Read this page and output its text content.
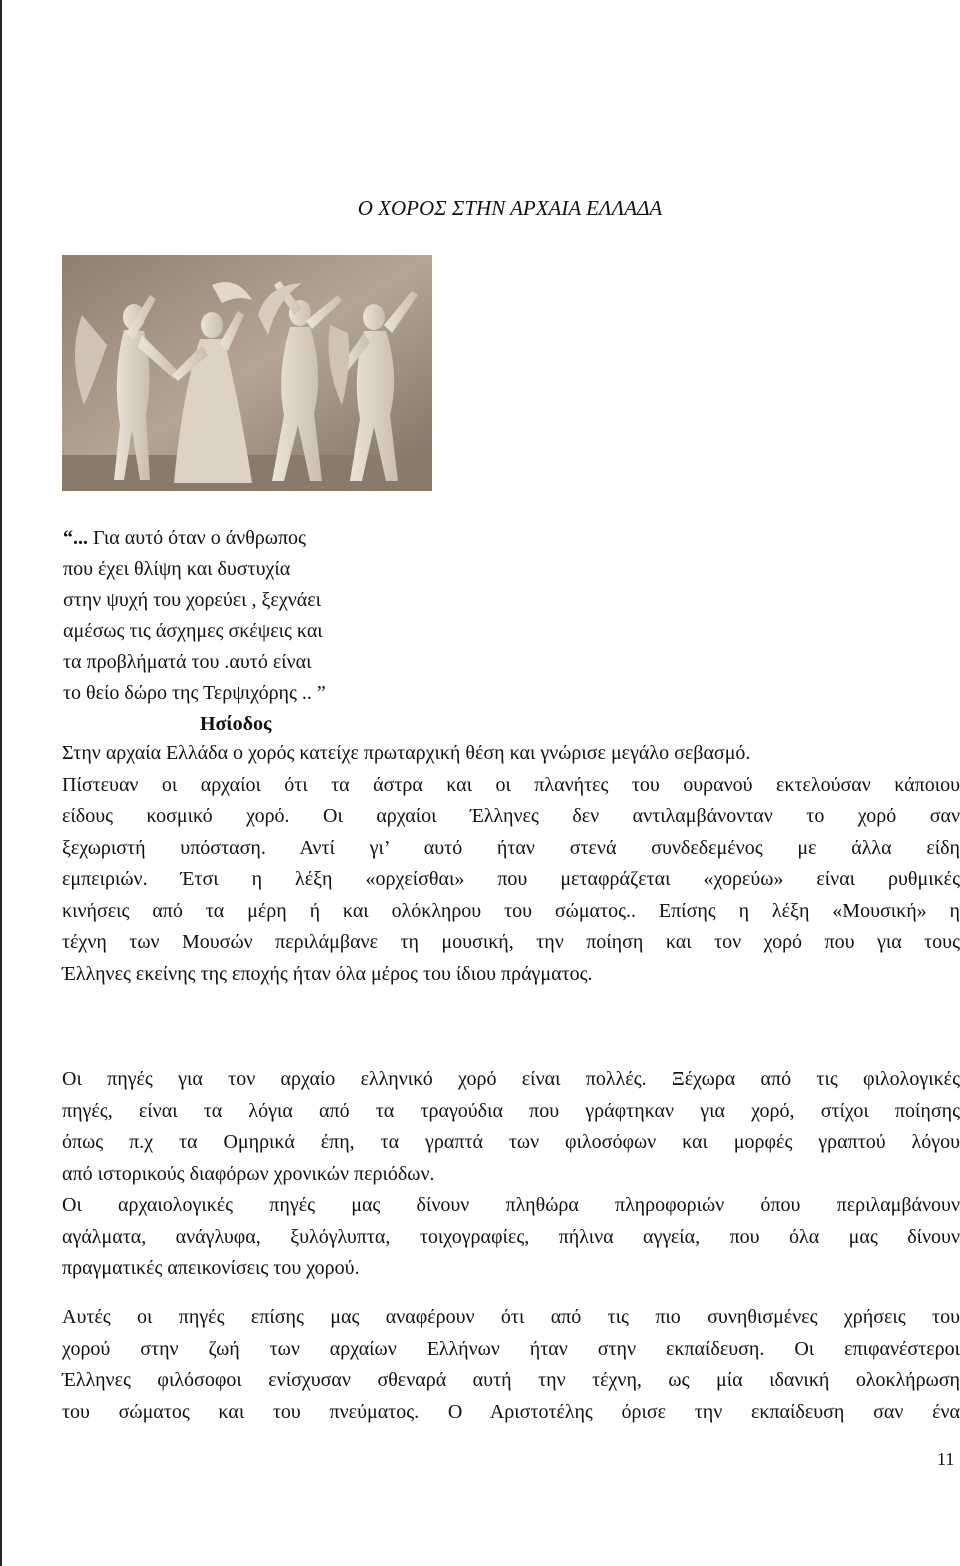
Ο ΧΟΡΟΣ ΣΤΗΝ ΑΡΧΑΙΑ ΕΛΛΑΔΑ
“... Για αυτό όταν ο άνθρωπος
που έχει θλίψη και δυστυχία
στην ψυχή του χορεύει , ξεχνάει
αμέσως τις άσχημες σκέψεις και
τα προβλήματά του .αυτό είναι
το θείο δώρο της Τερψιχόρης .. ”
Ησίοδος
Στην αρχαία Ελλάδα ο χορός κατείχε πρωταρχική θέση και γνώρισε μεγάλο σεβασμό.
Πίστευαν οι αρχαίοι ότι τα άστρα και οι πλανήτες του ουρανού εκτελούσαν κάποιου
είδους κοσμικό χορό. Οι αρχαίοι Έλληνες δεν αντιλαμβάνονταν το χορό σαν
ξεχωριστή υπόσταση. Αντί γι’ αυτό ήταν στενά συνδεδεμένος με άλλα είδη
εμπειριών. Έτσι η λέξη «ορχείσθαι» που μεταφράζεται «χορεύω» είναι ρυθμικές
κινήσεις από τα μέρη ή και ολόκληρου του σώματος.. Επίσης η λέξη «Μουσική» η
τέχνη των Μουσών περιλάμβανε τη μουσική, την ποίηση και τον χορό που για τους
Έλληνες εκείνης της εποχής ήταν όλα μέρος του ίδιου πράγματος.
Οι πηγές για τον αρχαίο ελληνικό χορό είναι πολλές. Ξέχωρα από τις φιλολογικές
πηγές, είναι τα λόγια από τα τραγούδια που γράφτηκαν για χορό, στίχοι ποίησης
όπως π.χ τα Ομηρικά έπη, τα γραπτά των φιλοσόφων και μορφές γραπτού λόγου
από ιστορικούς διαφόρων χρονικών περιόδων.
Οι αρχαιολογικές πηγές μας δίνουν πληθώρα πληροφοριών όπου περιλαμβάνουν
αγάλματα, ανάγλυφα, ξυλόγλυπτα, τοιχογραφίες, πήλινα αγγεία, που όλα μας δίνουν
πραγματικές απεικονίσεις του χορού.
Αυτές οι πηγές επίσης μας αναφέρουν ότι από τις πιο συνηθισμένες χρήσεις του
χορού στην ζωή των αρχαίων Ελλήνων ήταν στην εκπαίδευση. Οι επιφανέστεροι
Έλληνες φιλόσοφοι ενίσχυσαν σθεναρά αυτή την τέχνη, ως μία ιδανική ολοκλήρωση
του σώματος και του πνεύματος. Ο Αριστοτέλης όρισε την εκπαίδευση σαν ένα
11
